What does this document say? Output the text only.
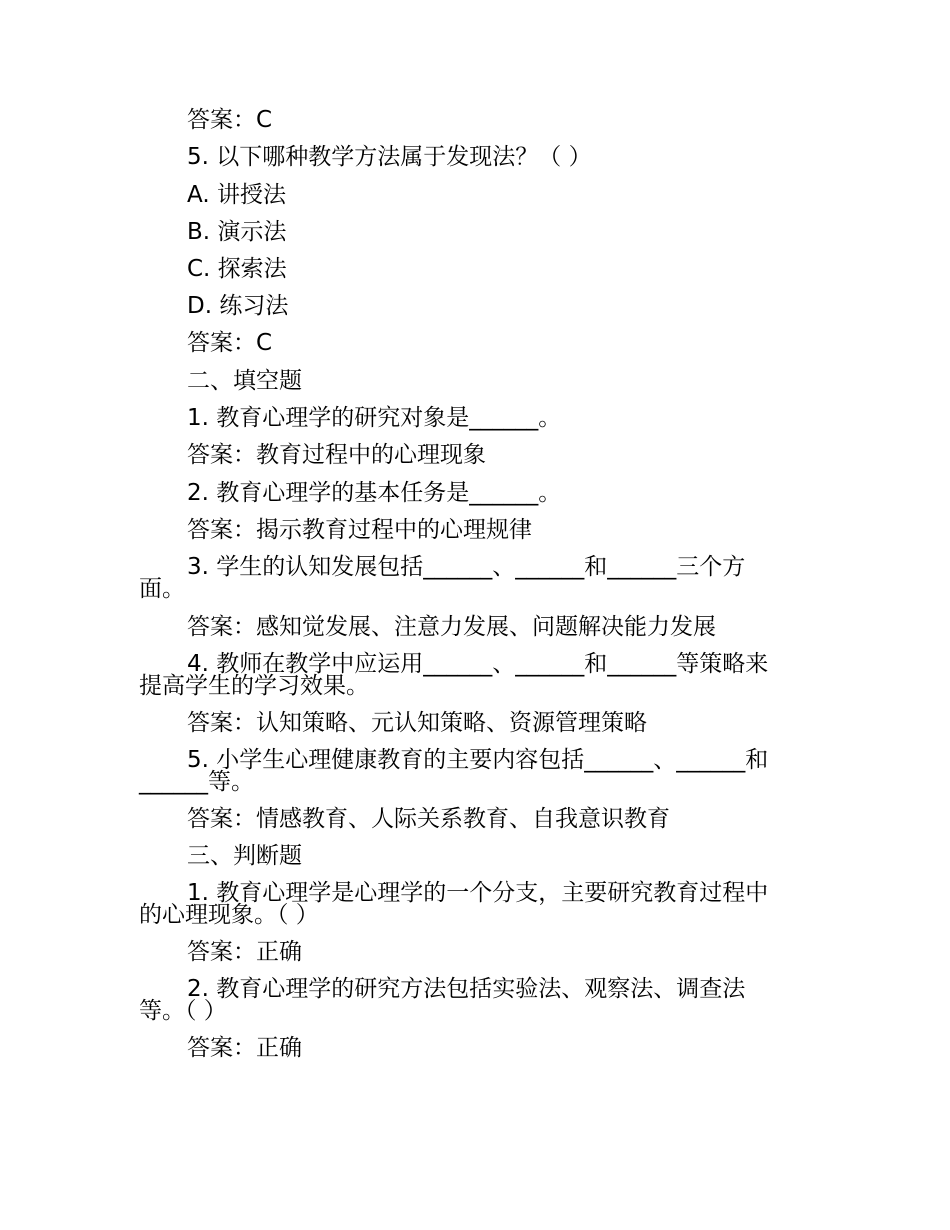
答案：C
5. 以下哪种教学方法属于发现法？（ ）
A. 讲授法
B. 演示法
C. 探索法
D. 练习法
答案：C
二、填空题
1. 教育心理学的研究对象是______。
答案：教育过程中的心理现象
2. 教育心理学的基本任务是______。
答案：揭示教育过程中的心理规律
3. 学生的认知发展包括______、______和______三个方
面。
答案：感知觉发展、注意力发展、问题解决能力发展
4. 教师在教学中应运用______、______和______等策略来
提高学生的学习效果。
答案：认知策略、元认知策略、资源管理策略
5. 小学生心理健康教育的主要内容包括______、______和
______等。
答案：情感教育、人际关系教育、自我意识教育
三、判断题
1. 教育心理学是心理学的一个分支，主要研究教育过程中
的心理现象。（ ）
答案：正确
2. 教育心理学的研究方法包括实验法、观察法、调查法
等。（ ）
答案：正确
